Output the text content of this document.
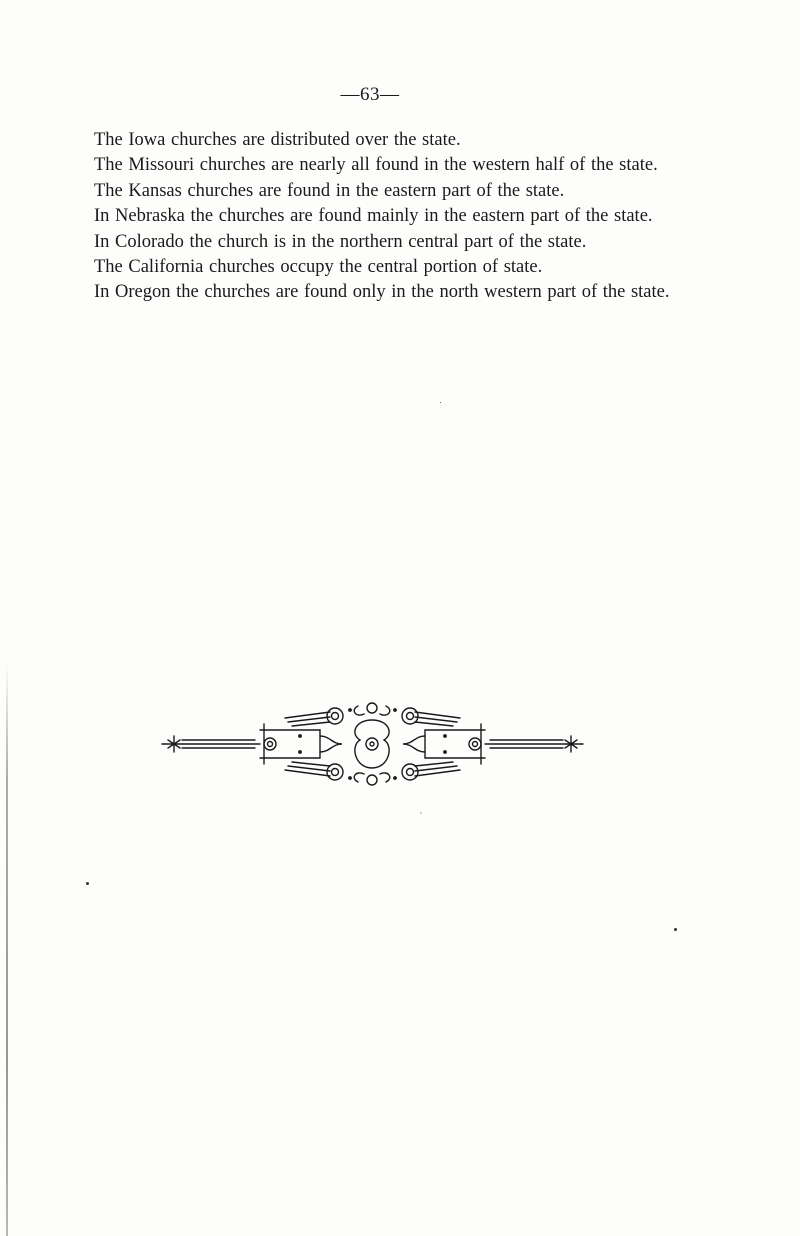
—63—

The Iowa churches are distributed over the state.

The Missouri churches are nearly all found in the western half of the state.

The Kansas churches are found in the eastern part of the state.

In Nebraska the churches are found mainly in the eastern part of the state.

In Colorado the church is in the northern central part of the state.

The California churches occupy the central portion of state.

In Oregon the churches are found only in the north western part of the state.
